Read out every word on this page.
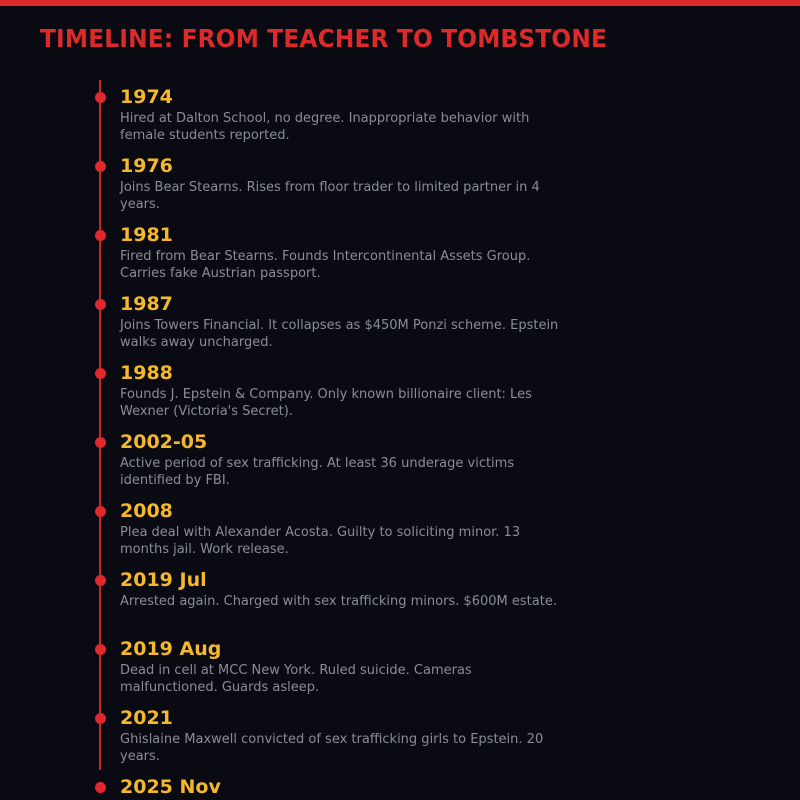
TIMELINE: FROM TEACHER TO TOMBSTONE
1974
Hired at Dalton School, no degree. Inappropriate behavior with female students reported.
1976
Joins Bear Stearns. Rises from floor trader to limited partner in 4 years.
1981
Fired from Bear Stearns. Founds Intercontinental Assets Group. Carries fake Austrian passport.
1987
Joins Towers Financial. It collapses as $450M Ponzi scheme. Epstein walks away uncharged.
1988
Founds J. Epstein & Company. Only known billionaire client: Les Wexner (Victoria's Secret).
2002-05
Active period of sex trafficking. At least 36 underage victims identified by FBI.
2008
Plea deal with Alexander Acosta. Guilty to soliciting minor. 13 months jail. Work release.
2019 Jul
Arrested again. Charged with sex trafficking minors. $600M estate.
2019 Aug
Dead in cell at MCC New York. Ruled suicide. Cameras malfunctioned. Guards asleep.
2021
Ghislaine Maxwell convicted of sex trafficking girls to Epstein. 20 years.
2025 Nov
